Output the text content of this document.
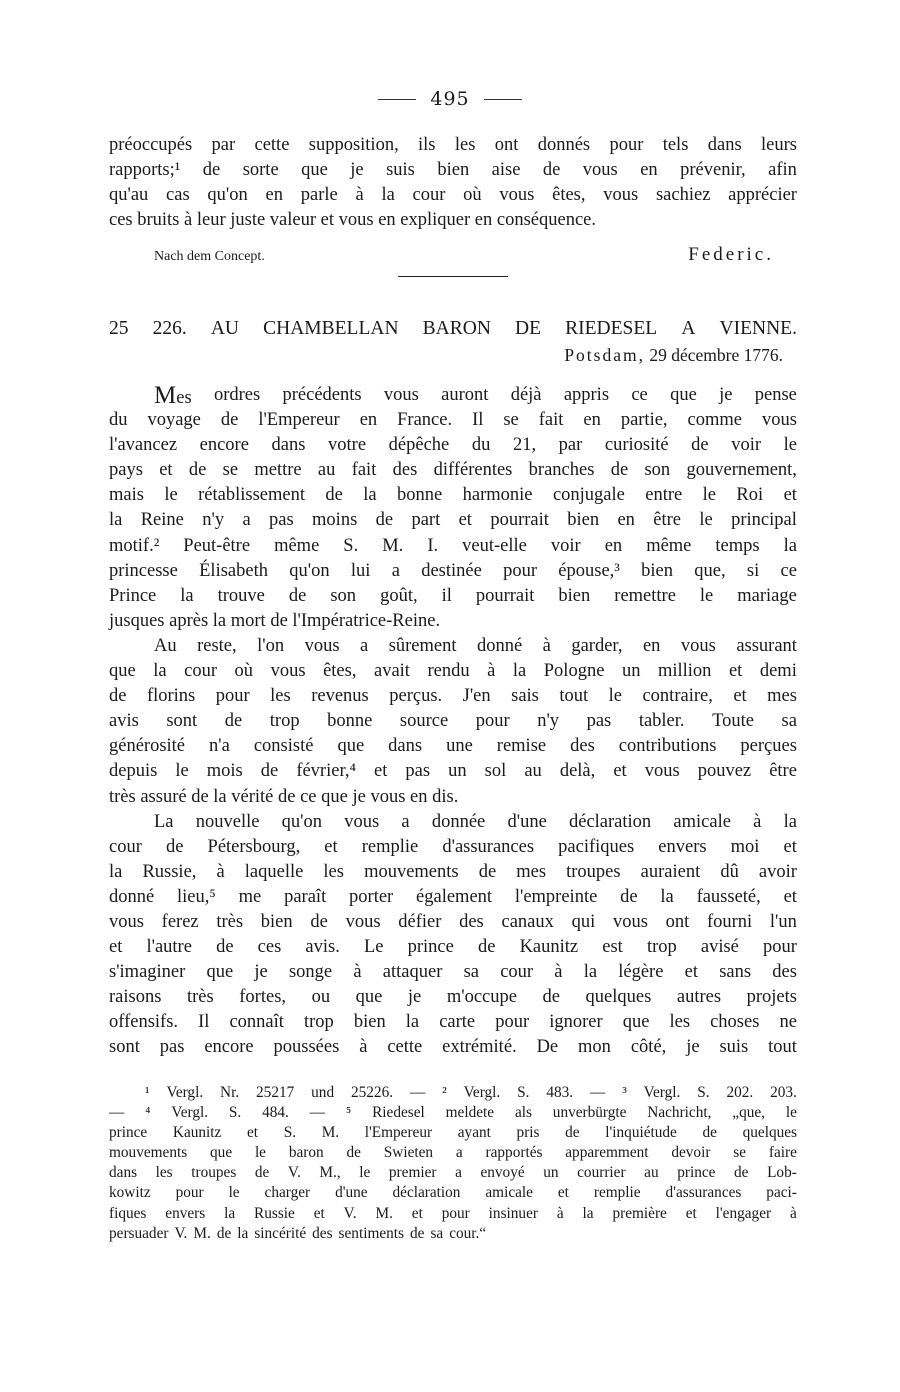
495
préoccupés par cette supposition, ils les ont donnés pour tels dans leurs
rapports;¹ de sorte que je suis bien aise de vous en prévenir, afin
qu'au cas qu'on en parle à la cour où vous êtes, vous sachiez apprécier
ces bruits à leur juste valeur et vous en expliquer en conséquence.
Nach dem Concept.	Federic.
25 226. AU CHAMBELLAN BARON DE RIEDESEL A VIENNE.
Potsdam, 29 décembre 1776.
Mes ordres précédents vous auront déjà appris ce que je pense
du voyage de l'Empereur en France. Il se fait en partie, comme vous
l'avancez encore dans votre dépêche du 21, par curiosité de voir le
pays et de se mettre au fait des différentes branches de son gouvernement,
mais le rétablissement de la bonne harmonie conjugale entre le Roi et
la Reine n'y a pas moins de part et pourrait bien en être le principal
motif.² Peut-être même S. M. I. veut-elle voir en même temps la
princesse Élisabeth qu'on lui a destinée pour épouse,³ bien que, si ce
Prince la trouve de son goût, il pourrait bien remettre le mariage
jusques après la mort de l'Impératrice-Reine.
Au reste, l'on vous a sûrement donné à garder, en vous assurant
que la cour où vous êtes, avait rendu à la Pologne un million et demi
de florins pour les revenus perçus. J'en sais tout le contraire, et mes
avis sont de trop bonne source pour n'y pas tabler. Toute sa
générosité n'a consisté que dans une remise des contributions perçues
depuis le mois de février,⁴ et pas un sol au delà, et vous pouvez être
très assuré de la vérité de ce que je vous en dis.
La nouvelle qu'on vous a donnée d'une déclaration amicale à la
cour de Pétersbourg, et remplie d'assurances pacifiques envers moi et
la Russie, à laquelle les mouvements de mes troupes auraient dû avoir
donné lieu,⁵ me paraît porter également l'empreinte de la fausseté, et
vous ferez très bien de vous défier des canaux qui vous ont fourni l'un
et l'autre de ces avis. Le prince de Kaunitz est trop avisé pour
s'imaginer que je songe à attaquer sa cour à la légère et sans des
raisons très fortes, ou que je m'occupe de quelques autres projets
offensifs. Il connaît trop bien la carte pour ignorer que les choses ne
sont pas encore poussées à cette extrémité. De mon côté, je suis tout
¹ Vergl. Nr. 25217 und 25226. — ² Vergl. S. 483. — ³ Vergl. S. 202. 203.
— ⁴ Vergl. S. 484. — ⁵ Riedesel meldete als unverbürgte Nachricht, „que, le
prince Kaunitz et S. M. l'Empereur ayant pris de l'inquiétude de quelques
mouvements que le baron de Swieten a rapportés apparemment devoir se faire
dans les troupes de V. M., le premier a envoyé un courrier au prince de Lob-
kowitz pour le charger d'une déclaration amicale et remplie d'assurances paci-
fiques envers la Russie et V. M. et pour insinuer à la première et l'engager à
persuader V. M. de la sincérité des sentiments de sa cour.“
